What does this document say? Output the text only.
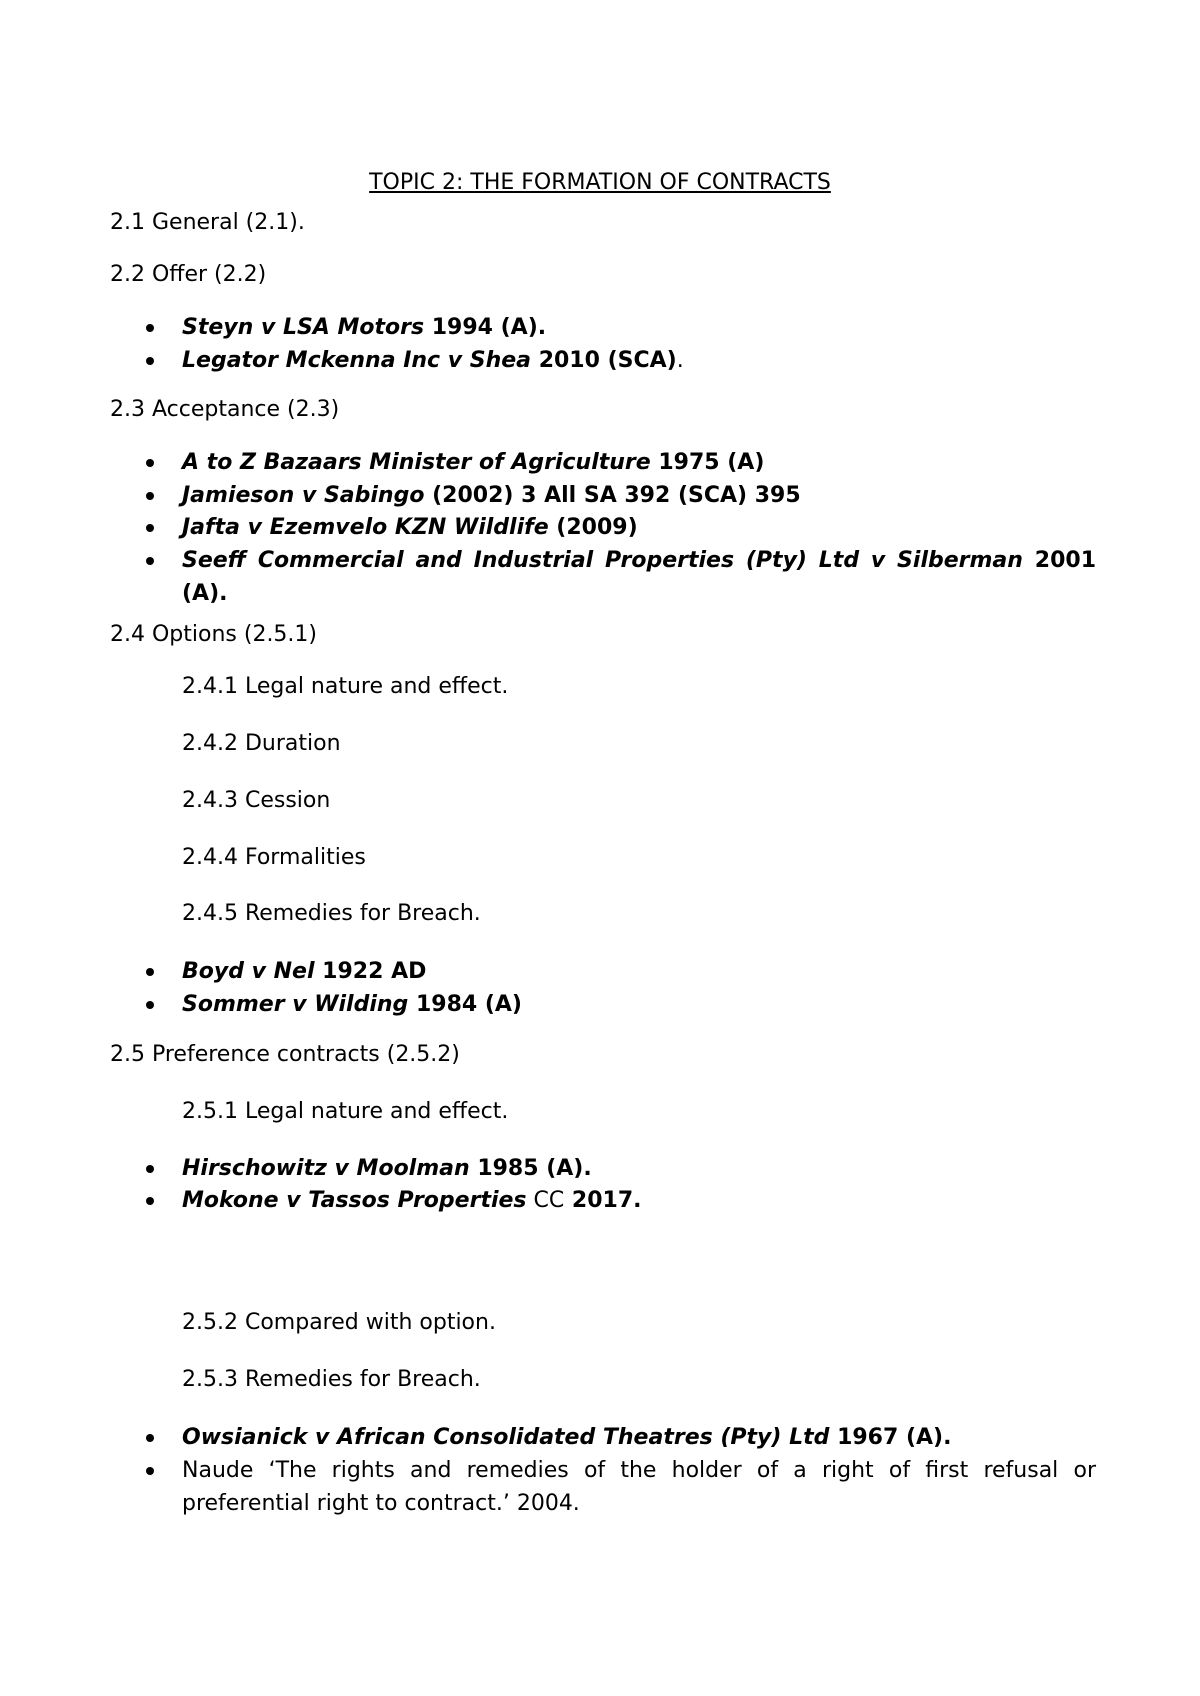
TOPIC 2: THE FORMATION OF CONTRACTS
2.1 General (2.1).
2.2 Offer (2.2)
Steyn v LSA Motors 1994 (A).
Legator Mckenna Inc v Shea 2010 (SCA).
2.3 Acceptance (2.3)
A to Z Bazaars Minister of Agriculture 1975 (A)
Jamieson v Sabingo (2002) 3 All SA 392 (SCA) 395
Jafta v Ezemvelo KZN Wildlife (2009)
Seeff Commercial and Industrial Properties (Pty) Ltd v Silberman 2001 (A).
2.4 Options (2.5.1)
2.4.1 Legal nature and effect.
2.4.2 Duration
2.4.3 Cession
2.4.4 Formalities
2.4.5 Remedies for Breach.
Boyd v Nel 1922 AD
Sommer v Wilding 1984 (A)
2.5 Preference contracts (2.5.2)
2.5.1 Legal nature and effect.
Hirschowitz v Moolman 1985 (A).
Mokone v Tassos Properties CC 2017.
2.5.2 Compared with option.
2.5.3 Remedies for Breach.
Owsianick v African Consolidated Theatres (Pty) Ltd 1967 (A).
Naude ‘The rights and remedies of the holder of a right of first refusal or preferential right to contract.’ 2004.
